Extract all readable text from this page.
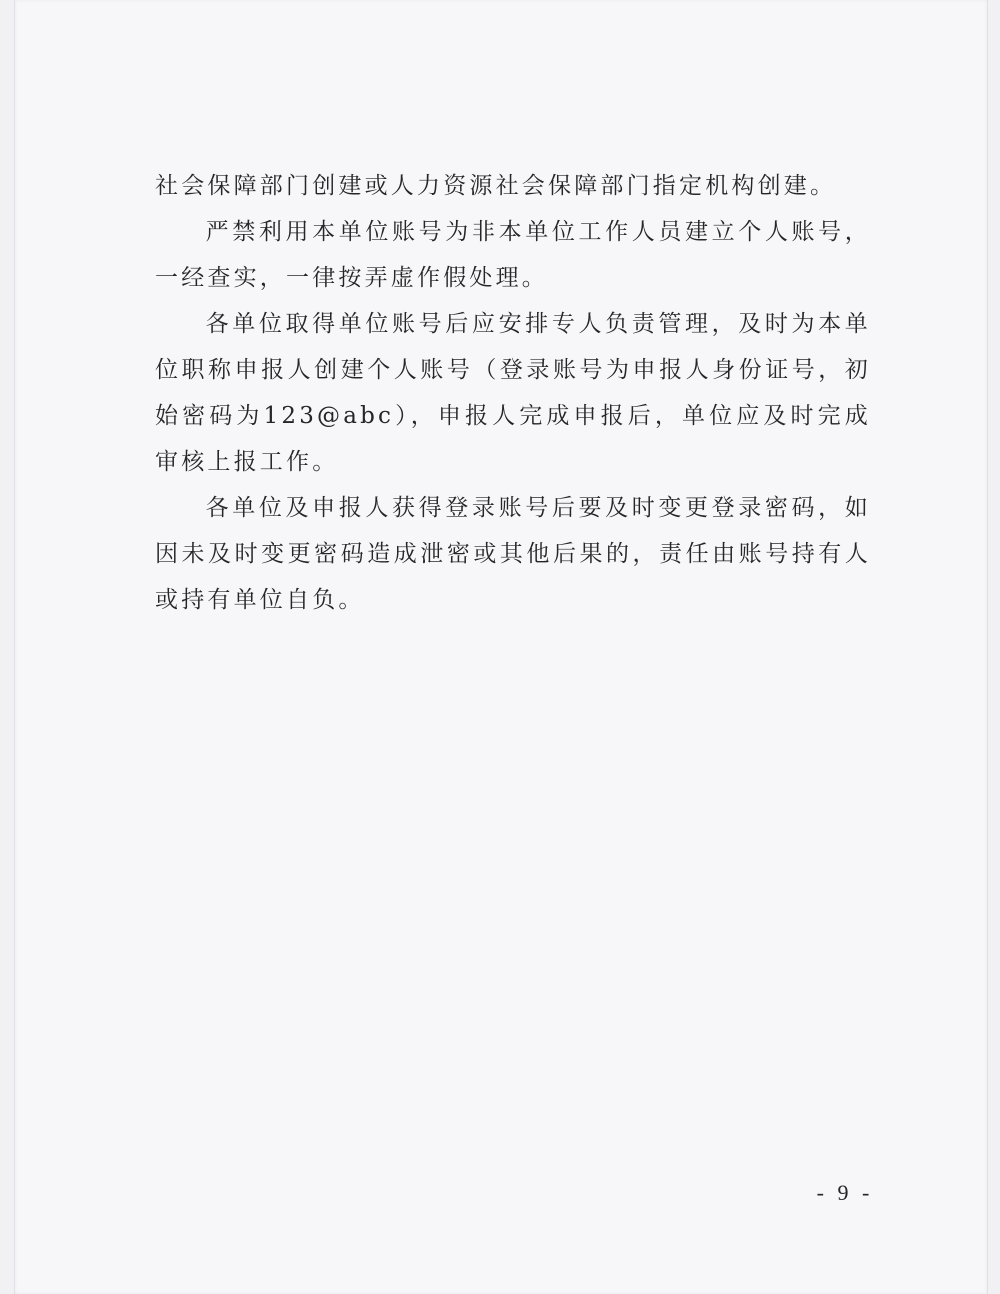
社会保障部门创建或人力资源社会保障部门指定机构创建。

严禁利用本单位账号为非本单位工作人员建立个人账号，一经查实，一律按弄虚作假处理。

各单位取得单位账号后应安排专人负责管理，及时为本单位职称申报人创建个人账号（登录账号为申报人身份证号，初始密码为123@abc），申报人完成申报后，单位应及时完成审核上报工作。

各单位及申报人获得登录账号后要及时变更登录密码，如因未及时变更密码造成泄密或其他后果的，责任由账号持有人或持有单位自负。

- 9 -
